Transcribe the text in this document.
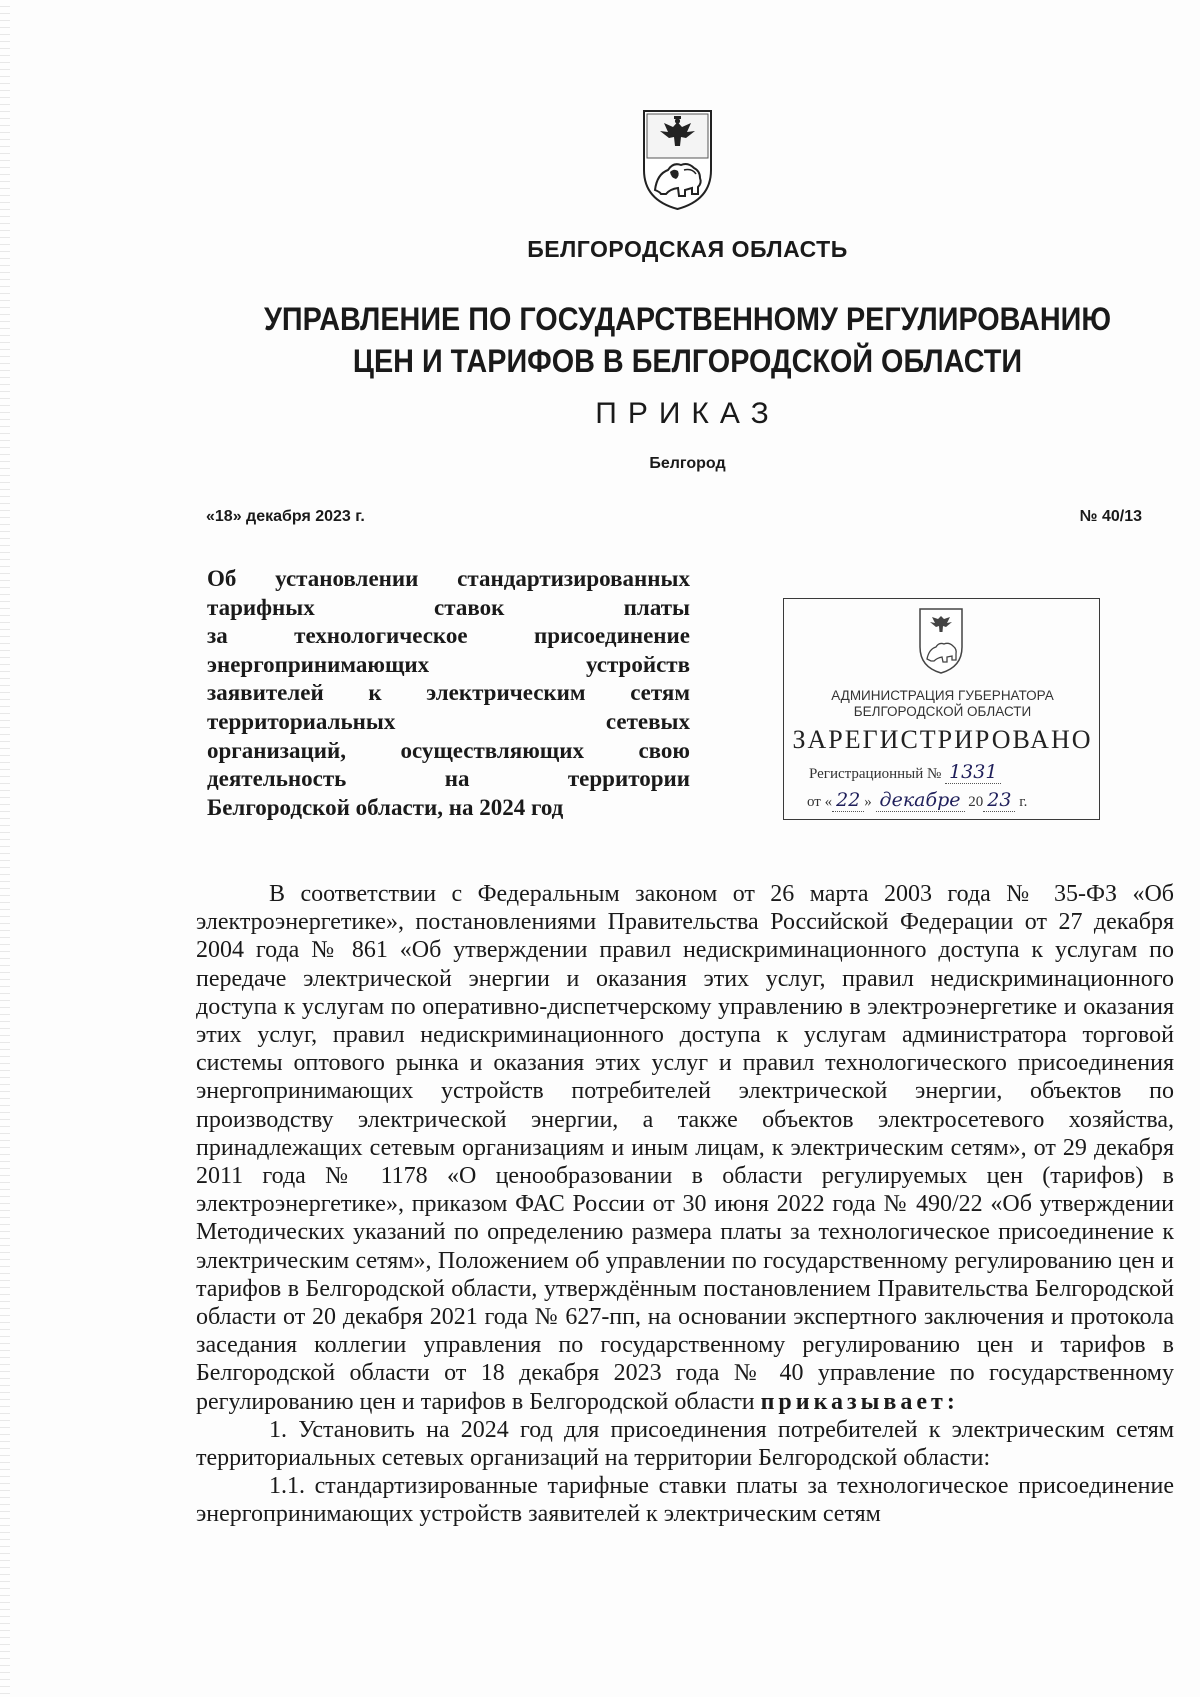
БЕЛГОРОДСКАЯ ОБЛАСТЬ
УПРАВЛЕНИЕ ПО ГОСУДАРСТВЕННОМУ РЕГУЛИРОВАНИЮ
ЦЕН И ТАРИФОВ В БЕЛГОРОДСКОЙ ОБЛАСТИ
ПРИКАЗ
Белгород
«18» декабря 2023 г.	№ 40/13
Об установлении стандартизированных
тарифных ставок платы
за технологическое присоединение
энергопринимающих устройств
заявителей к электрическим сетям
территориальных сетевых
организаций, осуществляющих свою
деятельность на территории
Белгородской области, на 2024 год
АДМИНИСТРАЦИЯ ГУБЕРНАТОРА
БЕЛГОРОДСКОЙ ОБЛАСТИ
ЗАРЕГИСТРИРОВАНО
Регистрационный № 1331
от « 22 » декабре 20 23 г.

В соответствии с Федеральным законом от 26 марта 2003 года № 35-ФЗ «Об электроэнергетике», постановлениями Правительства Российской Федерации от 27 декабря 2004 года № 861 «Об утверждении правил недискриминационного доступа к услугам по передаче электрической энергии и оказания этих услуг, правил недискриминационного доступа к услугам по оперативно-диспетчерскому управлению в электроэнергетике и оказания этих услуг, правил недискриминационного доступа к услугам администратора торговой системы оптового рынка и оказания этих услуг и правил технологического присоединения энергопринимающих устройств потребителей электрической энергии, объектов по производству электрической энергии, а также объектов электросетевого хозяйства, принадлежащих сетевым организациям и иным лицам, к электрическим сетям», от 29 декабря 2011 года № 1178 «О ценообразовании в области регулируемых цен (тарифов) в электроэнергетике», приказом ФАС России от 30 июня 2022 года № 490/22 «Об утверждении Методических указаний по определению размера платы за технологическое присоединение к электрическим сетям», Положением об управлении по государственному регулированию цен и тарифов в Белгородской области, утверждённым постановлением Правительства Белгородской области от 20 декабря 2021 года № 627-пп, на основании экспертного заключения и протокола заседания коллегии управления по государственному регулированию цен и тарифов в Белгородской области от 18 декабря 2023 года № 40 управление по государственному регулированию цен и тарифов в Белгородской области приказывает:

1. Установить на 2024 год для присоединения потребителей к электрическим сетям территориальных сетевых организаций на территории Белгородской области:

1.1. стандартизированные тарифные ставки платы за технологическое присоединение энергопринимающих устройств заявителей к электрическим сетям
